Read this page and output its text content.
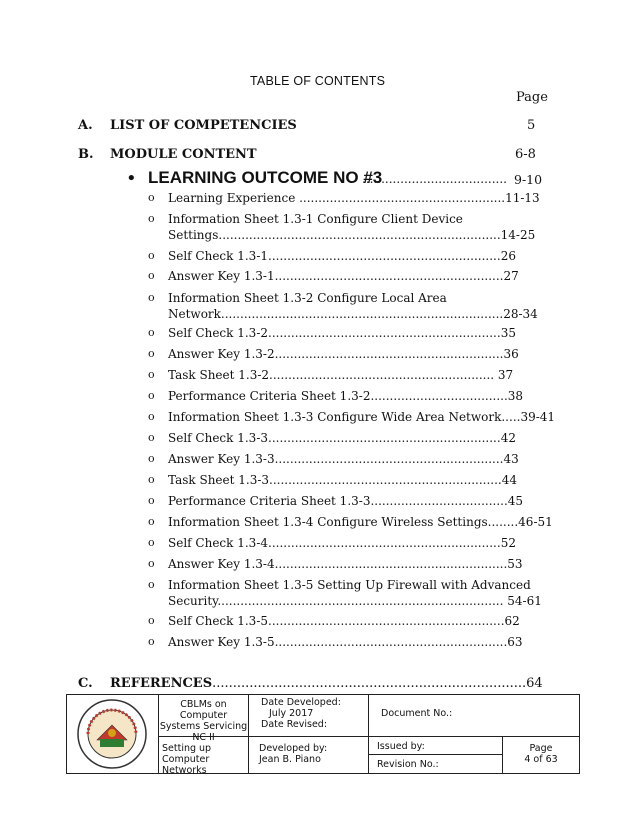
TABLE OF CONTENTS
Page
A. LIST OF COMPETENCIES	5
B. MODULE CONTENT	6-8
• LEARNING OUTCOME NO #3
...................................... 9-10
o Learning Experience ......................................................11-13
o Information Sheet 1.3-1 Configure Client Device
Settings..........................................................................14-25
o Self Check 1.3-1.............................................................26
o Answer Key 1.3-1............................................................27
o Information Sheet 1.3-2 Configure Local Area
Network..........................................................................28-34
o Self Check 1.3-2.............................................................35
o Answer Key 1.3-2............................................................36
o Task Sheet 1.3-2........................................................... 37
o Performance Criteria Sheet 1.3-2....................................38
o Information Sheet 1.3-3 Configure Wide Area Network.....39-41
o Self Check 1.3-3.............................................................42
o Answer Key 1.3-3............................................................43
o Task Sheet 1.3-3.............................................................44
o Performance Criteria Sheet 1.3-3....................................45
o Information Sheet 1.3-4 Configure Wireless Settings........46-51
o Self Check 1.3-4.............................................................52
o Answer Key 1.3-4.............................................................53
o Information Sheet 1.3-5 Setting Up Firewall with Advanced
Security........................................................................... 54-61
o Self Check 1.3-5..............................................................62
o Answer Key 1.3-5.............................................................63
C. REFERENCES............................................................................64
CBLMs on Computer Systems Servicing NC II
Date Developed:
July 2017
Date Revised:
Document No.:
Setting up Computer Networks
Developed by:
Jean B. Piano
Issued by:
Revision No.:
Page
4 of 63
